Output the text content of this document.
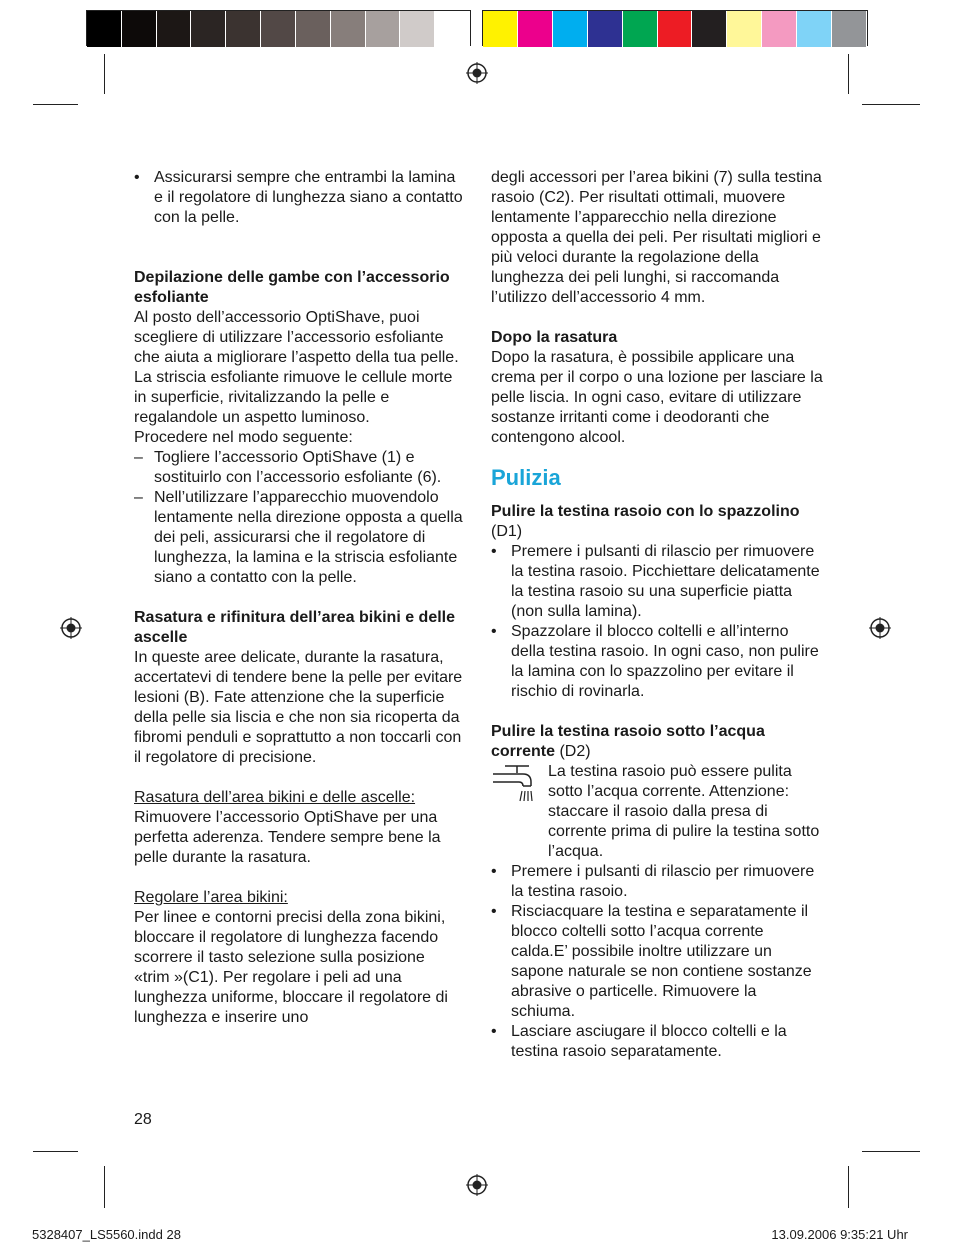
• Assicurarsi sempre che entrambi la lamina e il regolatore di lunghezza siano a contatto con la pelle.

Depilazione delle gambe con l’accessorio esfoliante

Al posto dell’accessorio OptiShave, puoi scegliere di utilizzare l’accessorio esfoliante che aiuta a migliorare l’aspetto della tua pelle. La striscia esfoliante rimuove le cellule morte in superficie, rivitalizzando la pelle e regalandole un aspetto luminoso.

Procedere nel modo seguente:

– Togliere l’accessorio OptiShave (1) e sostituirlo con l’accessorio esfoliante (6).
– Nell’utilizzare l’apparecchio muovendolo lentamente nella direzione opposta a quella dei peli, assicurarsi che il regolatore di lunghezza, la lamina e la striscia esfoliante siano a contatto con la pelle.

Rasatura e rifinitura dell’area bikini e delle ascelle

In queste aree delicate, durante la rasatura, accertatevi di tendere bene la pelle per evitare lesioni (B). Fate attenzione che la superficie della pelle sia liscia e che non sia ricoperta da fibromi penduli e soprattutto a non toccarli con il regolatore di precisione.

Rasatura dell’area bikini e delle ascelle:

Rimuovere l’accessorio OptiShave per una perfetta aderenza. Tendere sempre bene la pelle durante la rasatura.

Regolare l’area bikini:

Per linee e contorni precisi della zona bikini, bloccare il regolatore di lunghezza facendo scorrere il tasto selezione sulla posizione «trim »(C1). Per regolare i peli ad una lunghezza uniforme, bloccare il regolatore di lunghezza e inserire uno

degli accessori per l’area bikini (7) sulla testina rasoio (C2). Per risultati ottimali, muovere lentamente l’apparecchio nella direzione opposta a quella dei peli. Per risultati migliori e più veloci durante la regolazione della lunghezza dei peli lunghi, si raccomanda l’utilizzo dell’accessorio 4 mm.

Dopo la rasatura

Dopo la rasatura, è possibile applicare una crema per il corpo o una lozione per lasciare la pelle liscia. In ogni caso, evitare di utilizzare sostanze irritanti come i deodoranti che contengono alcool.

Pulizia

Pulire la testina rasoio con lo spazzolino (D1)

• Premere i pulsanti di rilascio per rimuovere la testina rasoio. Picchiettare delicatamente la testina rasoio su una superficie piatta (non sulla lamina).
• Spazzolare il blocco coltelli e all’interno della testina rasoio. In ogni caso, non pulire la lamina con lo spazzolino per evitare il rischio di rovinarla.

Pulire la testina rasoio sotto l’acqua corrente (D2)

La testina rasoio può essere pulita sotto l’acqua corrente. Attenzione: staccare il rasoio dalla presa di corrente prima di pulire la testina sotto l’acqua.

• Premere i pulsanti di rilascio per rimuovere la testina rasoio.
• Risciacquare la testina e separatamente il blocco coltelli sotto l’acqua corrente calda.E’ possibile inoltre utilizzare un sapone naturale se non contiene sostanze abrasive o particelle. Rimuovere la schiuma.
• Lasciare asciugare il blocco coltelli e la testina rasoio separatamente.
28
5328407_LS5560.indd 28	13.09.2006 9:35:21 Uhr
